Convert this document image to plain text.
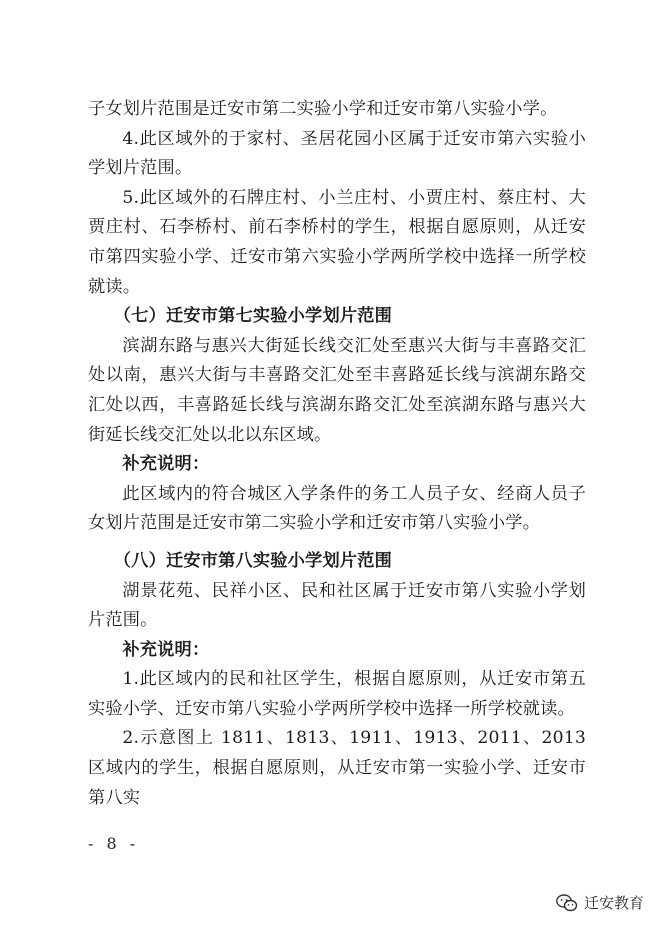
子女划片范围是迁安市第二实验小学和迁安市第八实验小学。

4.此区域外的于家村、圣居花园小区属于迁安市第六实验小学划片范围。

5.此区域外的石牌庄村、小兰庄村、小贾庄村、蔡庄村、大贾庄村、石李桥村、前石李桥村的学生，根据自愿原则，从迁安市第四实验小学、迁安市第六实验小学两所学校中选择一所学校就读。

（七）迁安市第七实验小学划片范围

滨湖东路与惠兴大街延长线交汇处至惠兴大街与丰喜路交汇处以南，惠兴大街与丰喜路交汇处至丰喜路延长线与滨湖东路交汇处以西，丰喜路延长线与滨湖东路交汇处至滨湖东路与惠兴大街延长线交汇处以北以东区域。

补充说明：

此区域内的符合城区入学条件的务工人员子女、经商人员子女划片范围是迁安市第二实验小学和迁安市第八实验小学。

（八）迁安市第八实验小学划片范围

湖景花苑、民祥小区、民和社区属于迁安市第八实验小学划片范围。

补充说明：

1.此区域内的民和社区学生，根据自愿原则，从迁安市第五实验小学、迁安市第八实验小学两所学校中选择一所学校就读。

2.示意图上 1811、1813、1911、1913、2011、2013 区域内的学生，根据自愿原则，从迁安市第一实验小学、迁安市第八实

- 8 -
迁安教育
